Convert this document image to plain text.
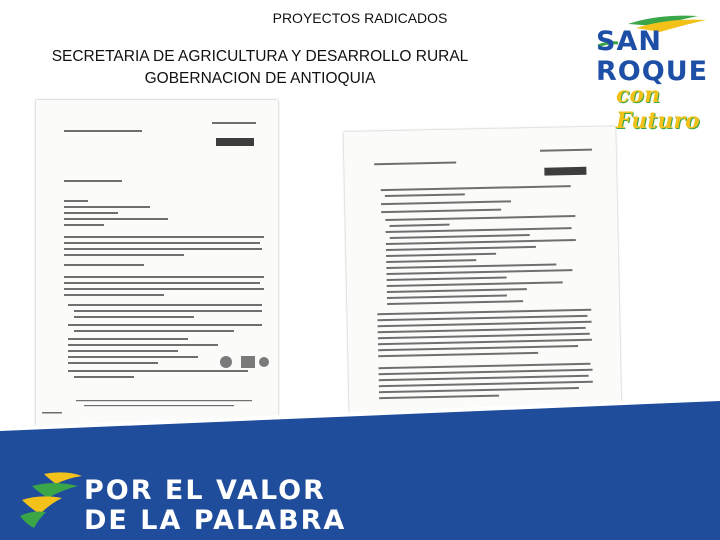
PROYECTOS RADICADOS
SECRETARIA DE AGRICULTURA Y DESARROLLO RURAL
GOBERNACION DE ANTIOQUIA
SAN
ROQUE
con Futuro
POR EL VALOR
DE LA PALABRA
